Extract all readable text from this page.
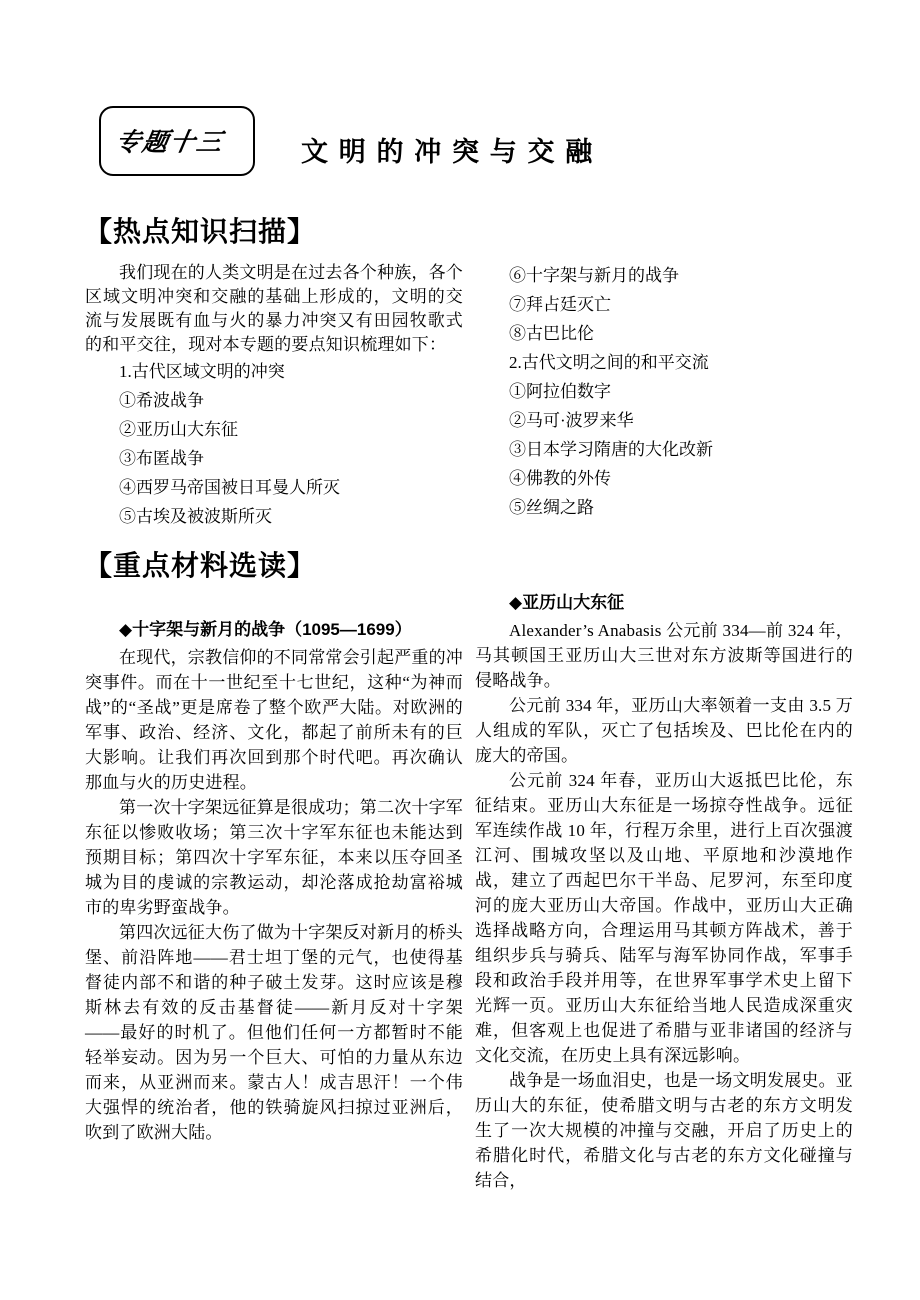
专题十三	文 明 的 冲 突 与 交 融
【热点知识扫描】

我们现在的人类文明是在过去各个种族，各个区域文明冲突和交融的基础上形成的，文明的交流与发展既有血与火的暴力冲突又有田园牧歌式的和平交往，现对本专题的要点知识梳理如下：

1.古代区域文明的冲突

①希波战争

②亚历山大东征

③布匿战争

④西罗马帝国被日耳曼人所灭

⑤古埃及被波斯所灭

⑥十字架与新月的战争

⑦拜占廷灭亡

⑧古巴比伦

2.古代文明之间的和平交流

①阿拉伯数字

②马可·波罗来华

③日本学习隋唐的大化改新

④佛教的外传

⑤丝绸之路

【重点材料选读】

◆十字架与新月的战争（1095—1699）

在现代，宗教信仰的不同常常会引起严重的冲突事件。而在十一世纪至十七世纪，这种“为神而战”的“圣战”更是席卷了整个欧严大陆。对欧洲的军事、政治、经济、文化，都起了前所未有的巨大影响。让我们再次回到那个时代吧。再次确认那血与火的历史进程。

第一次十字架远征算是很成功；第二次十字军东征以惨败收场；第三次十字军东征也未能达到预期目标；第四次十字军东征，本来以压夺回圣城为目的虔诚的宗教运动，却沦落成抢劫富裕城市的卑劣野蛮战争。

第四次远征大伤了做为十字架反对新月的桥头堡、前沿阵地——君士坦丁堡的元气，也使得基督徒内部不和谐的种子破土发芽。这时应该是穆斯林去有效的反击基督徒——新月反对十字架——最好的时机了。但他们任何一方都暂时不能轻举妄动。因为另一个巨大、可怕的力量从东边而来，从亚洲而来。蒙古人！成吉思汗！一个伟大强悍的统治者，他的铁骑旋风扫掠过亚洲后，吹到了欧洲大陆。

◆亚历山大东征

Alexander’s Anabasis 公元前 334—前 324 年，马其顿国王亚历山大三世对东方波斯等国进行的侵略战争。

公元前 334 年，亚历山大率领着一支由 3.5 万人组成的军队，灭亡了包括埃及、巴比伦在内的庞大的帝国。

公元前 324 年春，亚历山大返抵巴比伦，东征结束。亚历山大东征是一场掠夺性战争。远征军连续作战 10 年，行程万余里，进行上百次强渡江河、围城攻坚以及山地、平原地和沙漠地作战，建立了西起巴尔干半岛、尼罗河，东至印度河的庞大亚历山大帝国。作战中，亚历山大正确选择战略方向，合理运用马其顿方阵战术，善于组织步兵与骑兵、陆军与海军协同作战，军事手段和政治手段并用等，在世界军事学术史上留下光辉一页。亚历山大东征给当地人民造成深重灾难，但客观上也促进了希腊与亚非诸国的经济与文化交流，在历史上具有深远影响。

战争是一场血泪史，也是一场文明发展史。亚历山大的东征，使希腊文明与古老的东方文明发生了一次大规模的冲撞与交融，开启了历史上的希腊化时代，希腊文化与古老的东方文化碰撞与结合，
